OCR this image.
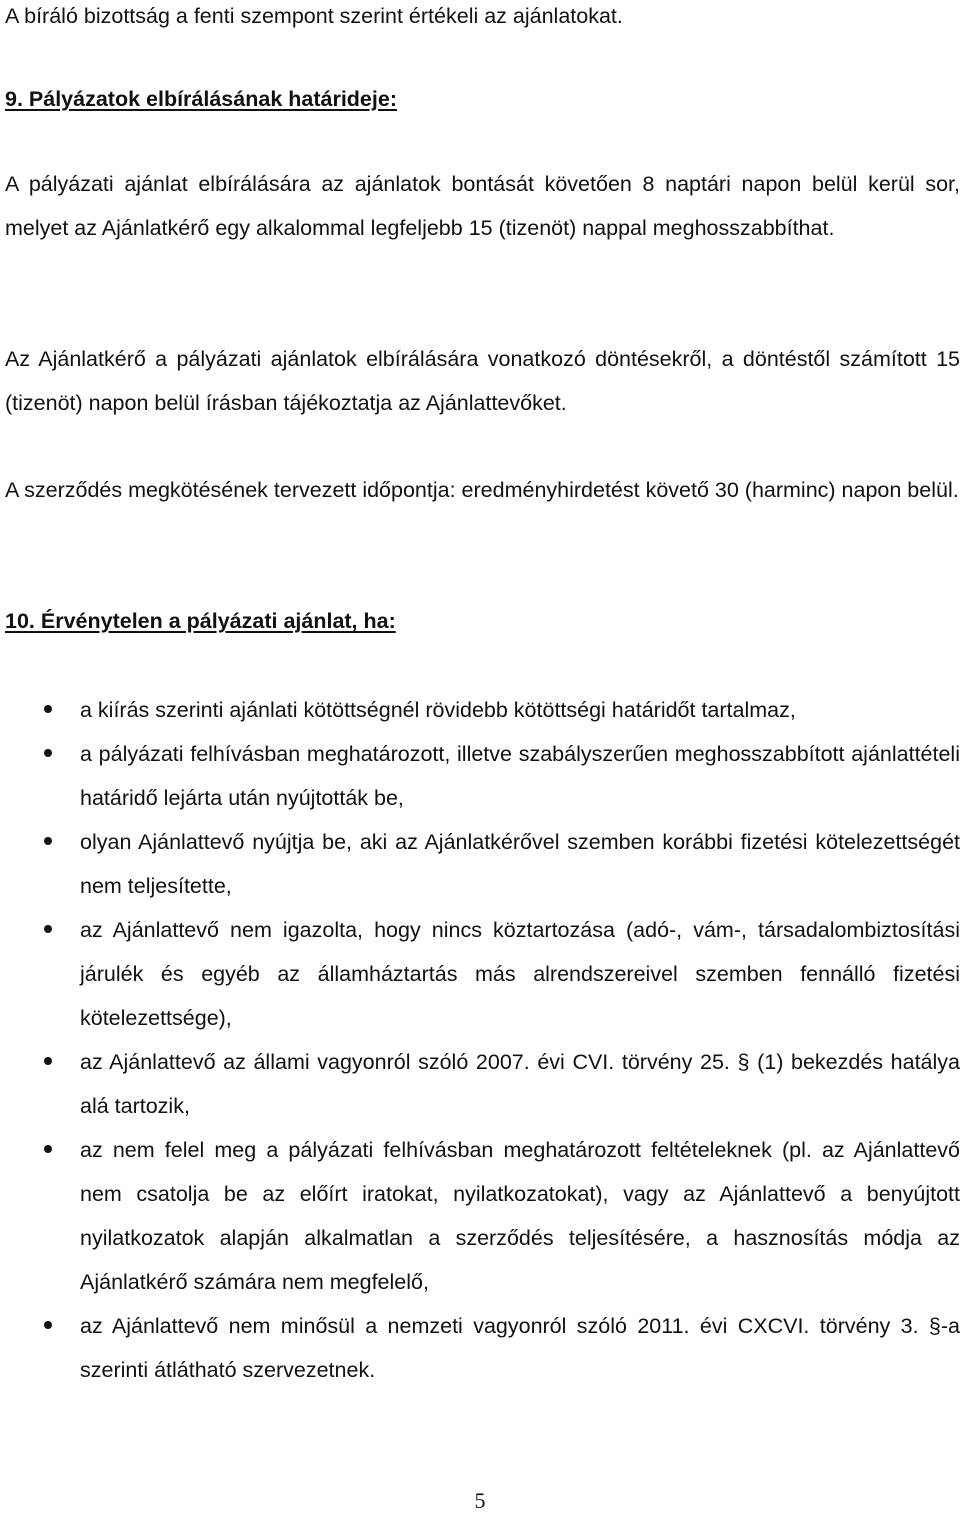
A bíráló bizottság a fenti szempont szerint értékeli az ajánlatokat.

9. Pályázatok elbírálásának határideje:

A pályázati ajánlat elbírálására az ajánlatok bontását követően 8 naptári napon belül kerül sor, melyet az Ajánlatkérő egy alkalommal legfeljebb 15 (tizenöt) nappal meghosszabbíthat.

Az Ajánlatkérő a pályázati ajánlatok elbírálására vonatkozó döntésekről, a döntéstől számított 15 (tizenöt) napon belül írásban tájékoztatja az Ajánlattevőket.

A szerződés megkötésének tervezett időpontja: eredményhirdetést követő 30 (harminc) napon belül.

10. Érvénytelen a pályázati ajánlat, ha:
a kiírás szerinti ajánlati kötöttségnél rövidebb kötöttségi határidőt tartalmaz,
a pályázati felhívásban meghatározott, illetve szabályszerűen meghosszabbított ajánlattételi határidő lejárta után nyújtották be,
olyan Ajánlattevő nyújtja be, aki az Ajánlatkérővel szemben korábbi fizetési kötelezettségét nem teljesítette,
az Ajánlattevő nem igazolta, hogy nincs köztartozása (adó-, vám-, társadalombiztosítási járulék és egyéb az államháztartás más alrendszereivel szemben fennálló fizetési kötelezettsége),
az Ajánlattevő az állami vagyonról szóló 2007. évi CVI. törvény 25. § (1) bekezdés hatálya alá tartozik,
az nem felel meg a pályázati felhívásban meghatározott feltételeknek (pl. az Ajánlattevő nem csatolja be az előírt iratokat, nyilatkozatokat), vagy az Ajánlattevő a benyújtott nyilatkozatok alapján alkalmatlan a szerződés teljesítésére, a hasznosítás módja az Ajánlatkérő számára nem megfelelő,
az Ajánlattevő nem minősül a nemzeti vagyonról szóló 2011. évi CXCVI. törvény 3. §-a szerinti átlátható szervezetnek.
5
